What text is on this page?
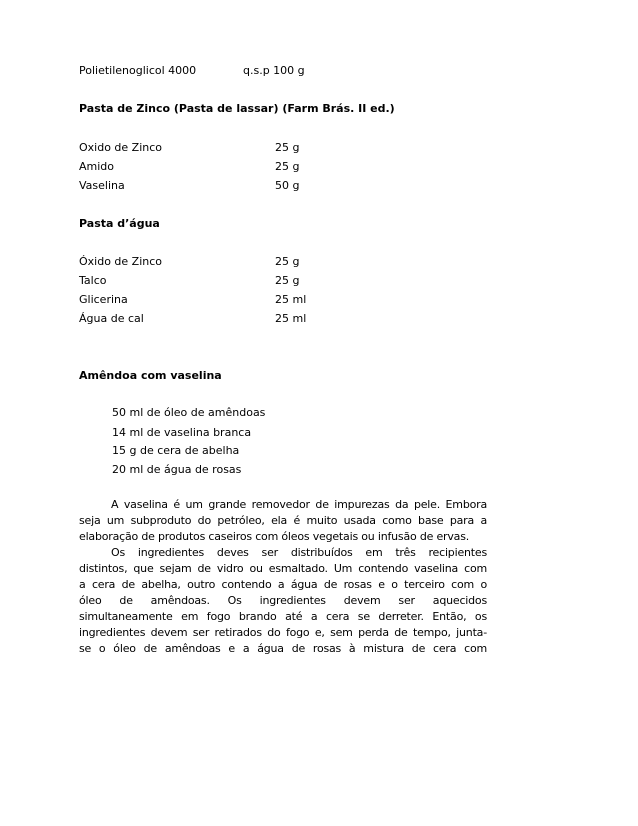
Polietilenoglicol 4000	q.s.p 100 g
Pasta de Zinco (Pasta de lassar) (Farm Brás. II ed.)
Oxido de Zinco	25 g
Amido	25 g
Vaselina	50 g
Pasta d’água
Óxido de Zinco	25 g
Talco	25 g
Glicerina	25 ml
Água de cal	25 ml
Amêndoa com vaselina
50 ml de óleo de amêndoas
14 ml de vaselina branca
15 g de cera de abelha
20 ml de água de rosas
A vaselina é um grande removedor de impurezas da pele. Embora
seja um subproduto do petróleo, ela é muito usada como base para a
elaboração de produtos caseiros com óleos vegetais ou infusão de ervas.
Os ingredientes deves ser distribuídos em três recipientes
distintos, que sejam de vidro ou esmaltado. Um contendo vaselina com
a cera de abelha, outro contendo a água de rosas e o terceiro com o
óleo de amêndoas. Os ingredientes devem ser aquecidos
simultaneamente em fogo brando até a cera se derreter. Então, os
ingredientes devem ser retirados do fogo e, sem perda de tempo, junta-
se o óleo de amêndoas e a água de rosas à mistura de cera com
